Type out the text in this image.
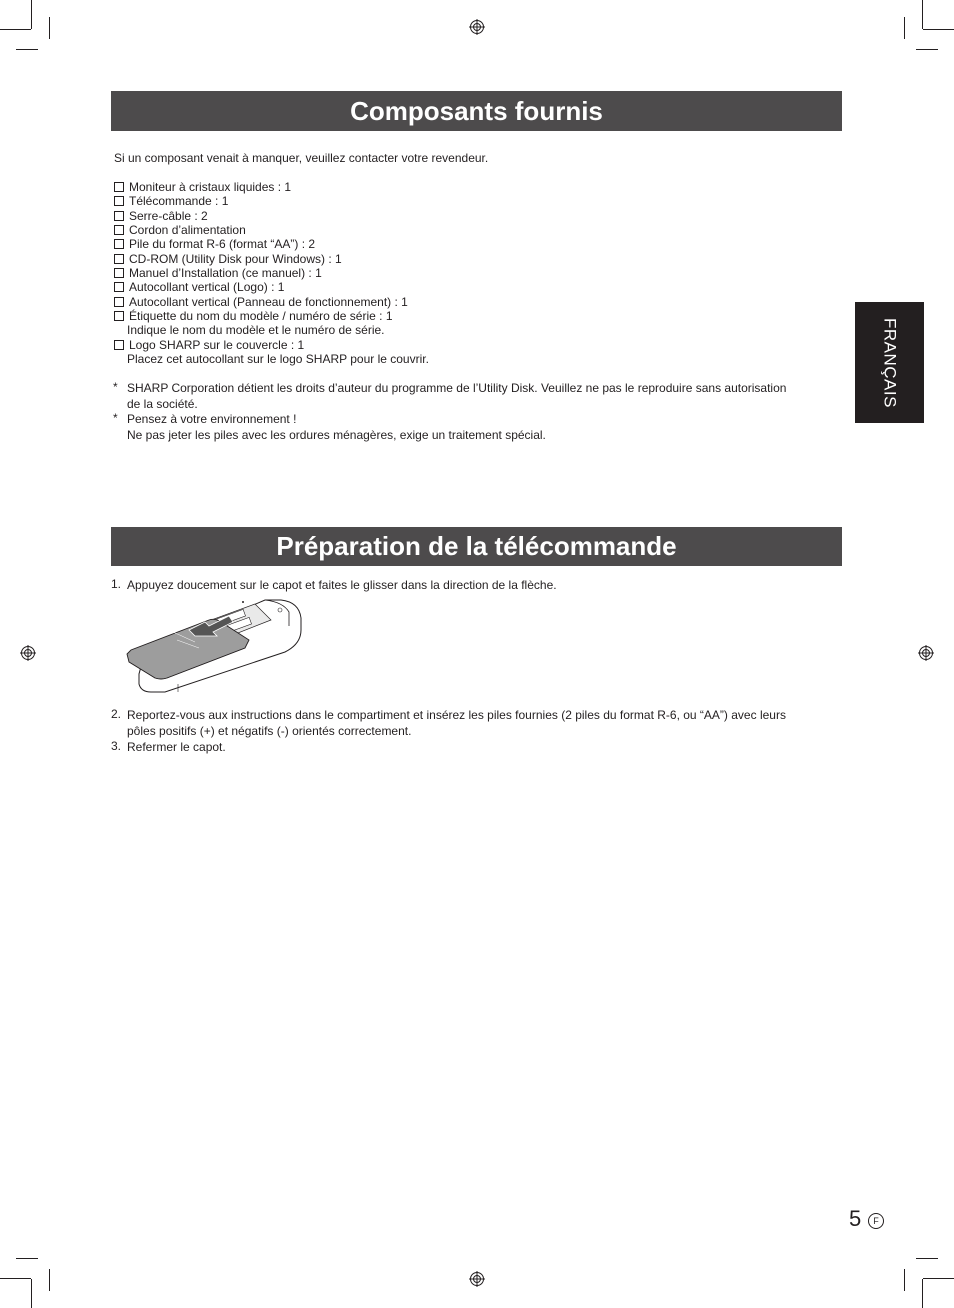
Composants fournis
Si un composant venait à manquer, veuillez contacter votre revendeur.
Moniteur à cristaux liquides : 1
Télécommande : 1
Serre-câble : 2
Cordon d’alimentation
Pile du format R-6 (format “AA”) : 2
CD-ROM (Utility Disk pour Windows) : 1
Manuel d’Installation (ce manuel) : 1
Autocollant vertical (Logo) : 1
Autocollant vertical (Panneau de fonctionnement) : 1
Étiquette du nom du modèle / numéro de série : 1
Indique le nom du modèle et le numéro de série.
Logo SHARP sur le couvercle : 1
Placez cet autocollant sur le logo SHARP pour le couvrir.
* SHARP Corporation détient les droits d’auteur du programme de l’Utility Disk. Veuillez ne pas le reproduire sans autorisation
de la société.
* Pensez à votre environnement !
Ne pas jeter les piles avec les ordures ménagères, exige un traitement spécial.
Préparation de la télécommande
1. Appuyez doucement sur le capot et faites le glisser dans la direction de la flèche.
2. Reportez-vous aux instructions dans le compartiment et insérez les piles fournies (2 piles du format R-6, ou “AA”) avec leurs
pôles positifs (+) et négatifs (-) orientés correctement.
3. Refermer le capot.
FRANÇAIS
5	F
